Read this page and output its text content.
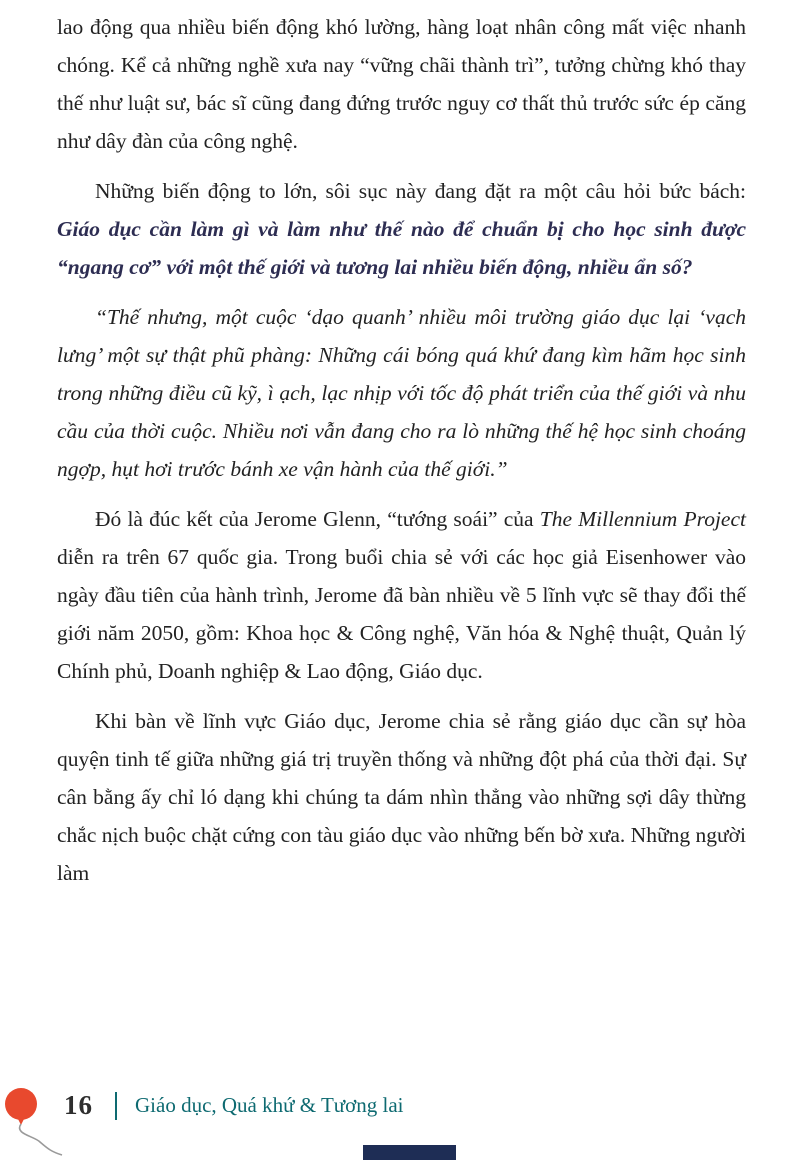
lao động qua nhiều biến động khó lường, hàng loạt nhân công mất việc nhanh chóng. Kể cả những nghề xưa nay “vững chãi thành trì”, tưởng chừng khó thay thế như luật sư, bác sĩ cũng đang đứng trước nguy cơ thất thủ trước sức ép căng như dây đàn của công nghệ.

Những biến động to lớn, sôi sục này đang đặt ra một câu hỏi bức bách: Giáo dục cần làm gì và làm như thế nào để chuẩn bị cho học sinh được “ngang cơ” với một thế giới và tương lai nhiều biến động, nhiều ẩn số?

“Thế nhưng, một cuộc ‘dạo quanh’ nhiều môi trường giáo dục lại ‘vạch lưng’ một sự thật phũ phàng: Những cái bóng quá khứ đang kìm hãm học sinh trong những điều cũ kỹ, ì ạch, lạc nhịp với tốc độ phát triển của thế giới và nhu cầu của thời cuộc. Nhiều nơi vẫn đang cho ra lò những thế hệ học sinh choáng ngợp, hụt hơi trước bánh xe vận hành của thế giới.”

Đó là đúc kết của Jerome Glenn, “tướng soái” của The Millennium Project diễn ra trên 67 quốc gia. Trong buổi chia sẻ với các học giả Eisenhower vào ngày đầu tiên của hành trình, Jerome đã bàn nhiều về 5 lĩnh vực sẽ thay đổi thế giới năm 2050, gồm: Khoa học & Công nghệ, Văn hóa & Nghệ thuật, Quản lý Chính phủ, Doanh nghiệp & Lao động, Giáo dục.

Khi bàn về lĩnh vực Giáo dục, Jerome chia sẻ rằng giáo dục cần sự hòa quyện tinh tế giữa những giá trị truyền thống và những đột phá của thời đại. Sự cân bằng ấy chỉ ló dạng khi chúng ta dám nhìn thẳng vào những sợi dây thừng chắc nịch buộc chặt cứng con tàu giáo dục vào những bến bờ xưa. Những người làm

16 Giáo dục, Quá khứ & Tương lai
